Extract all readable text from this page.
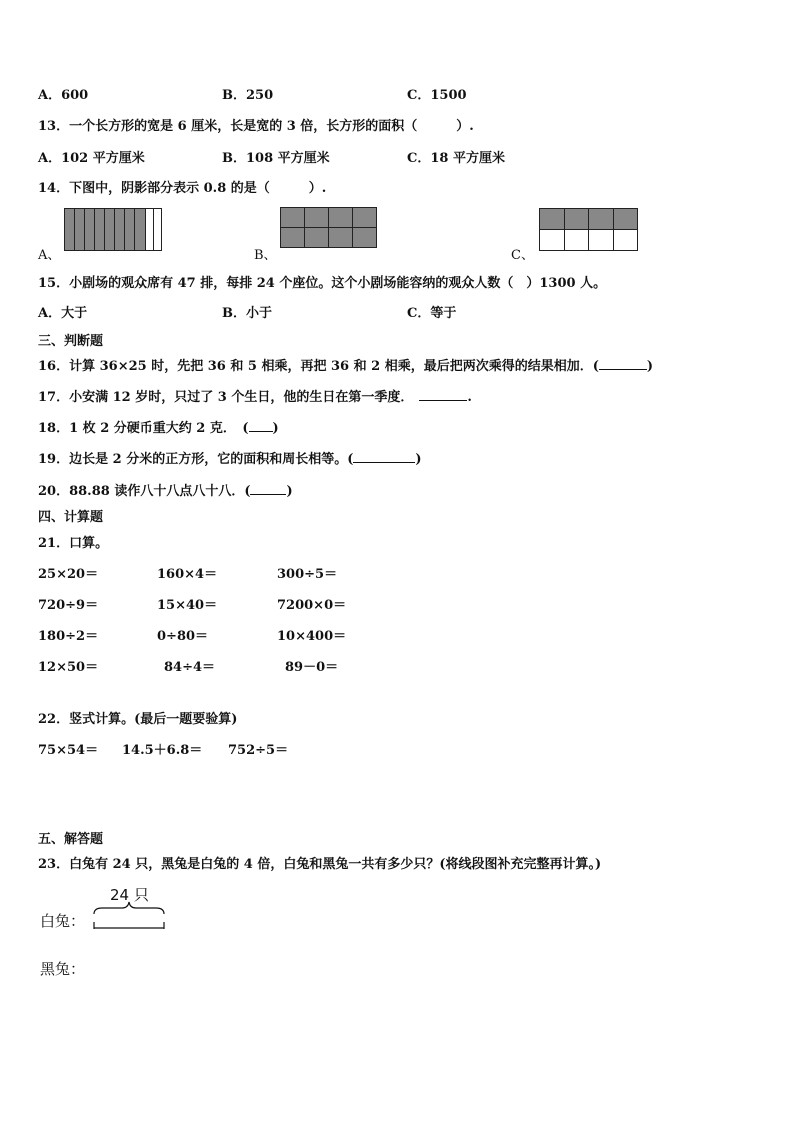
A．600	B．250	C．1500
13．一个长方形的宽是 6 厘米，长是宽的 3 倍，长方形的面积（　　　）.
A．102 平方厘米	B．108 平方厘米	C．18 平方厘米
14．下图中，阴影部分表示 0.8 的是（　　　）.
A、	B、	C、
15．小剧场的观众席有 47 排，每排 24 个座位。这个小剧场能容纳的观众人数（　）1300 人。
A．大于	B．小于	C．等于
三、判断题
16．计算 36×25 时，先把 36 和 5 相乘，再把 36 和 2 相乘，最后把两次乘得的结果相加．(	)
17．小安满 12 岁时，只过了 3 个生日，他的生日在第一季度．	.
18．1 枚 2 分硬币重大约 2 克．　( )
19．边长是 2 分米的正方形，它的面积和周长相等。(	)
20．88.88 读作八十八点八十八．(	)
四、计算题
21．口算。
25×20＝	160×4＝	300÷5＝
720÷9＝	15×40＝	7200×0＝
180÷2＝	0÷80＝	10×400＝
12×50＝	84÷4＝	89－0＝
22．竖式计算。(最后一题要验算)
75×54＝ 14.5＋6.8＝ 752÷5＝
五、解答题
23．白兔有 24 只，黑兔是白兔的 4 倍，白兔和黑兔一共有多少只？(将线段图补充完整再计算。)
24 只
白兔：
黑兔：
